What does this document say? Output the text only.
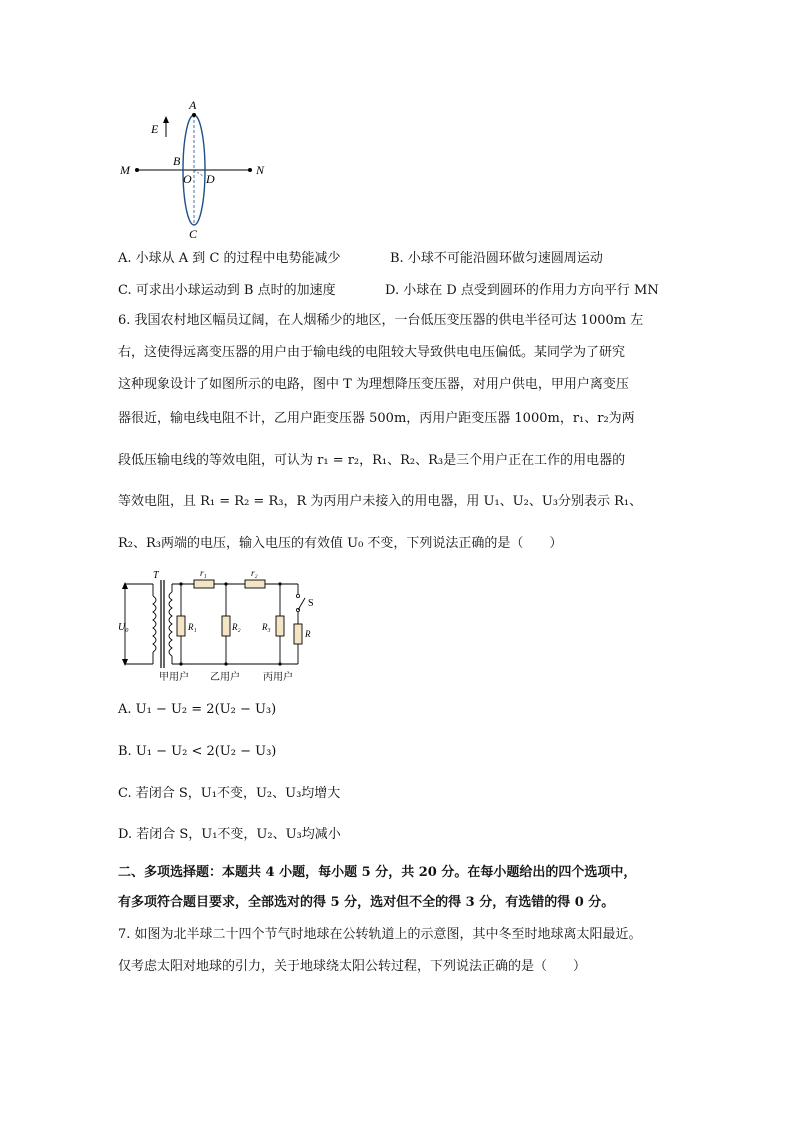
E
A
B
O D
C
M	N
A. 小球从 A 到 C 的过程中电势能减少	B. 小球不可能沿圆环做匀速圆周运动
C. 可求出小球运动到 B 点时的加速度	D. 小球在 D 点受到圆环的作用力方向平行 MN
6. 我国农村地区幅员辽阔，在人烟稀少的地区，一台低压变压器的供电半径可达 1000m 左
右，这使得远离变压器的用户由于输电线的电阻较大导致供电电压偏低。某同学为了研究
这种现象设计了如图所示的电路，图中 T 为理想降压变压器，对用户供电，甲用户离变压
器很近，输电线电阻不计，乙用户距变压器 500m，丙用户距变压器 1000m，r₁、r₂为两
段低压输电线的等效电阻，可认为 r₁ = r₂，R₁、R₂、R₃是三个用户正在工作的用电器的
等效电阻，且 R₁ = R₂ = R₃，R 为丙用户未接入的用电器，用 U₁、U₂、U₃分别表示 R₁、
R₂、R₃两端的电压，输入电压的有效值 U₀ 不变，下列说法正确的是（　　）
U₀
T	r₁	r₂
R₁	R₂ R₃
S
R
甲用户 乙用户 丙用户
A. U₁ − U₂ = 2(U₂ − U₃)
B. U₁ − U₂ < 2(U₂ − U₃)
C. 若闭合 S，U₁不变，U₂、U₃均增大
D. 若闭合 S，U₁不变，U₂、U₃均减小
二、多项选择题：本题共 4 小题，每小题 5 分，共 20 分。在每小题给出的四个选项中，
有多项符合题目要求，全部选对的得 5 分，选对但不全的得 3 分，有选错的得 0 分。
7. 如图为北半球二十四个节气时地球在公转轨道上的示意图，其中冬至时地球离太阳最近。
仅考虑太阳对地球的引力，关于地球绕太阳公转过程，下列说法正确的是（　　）
